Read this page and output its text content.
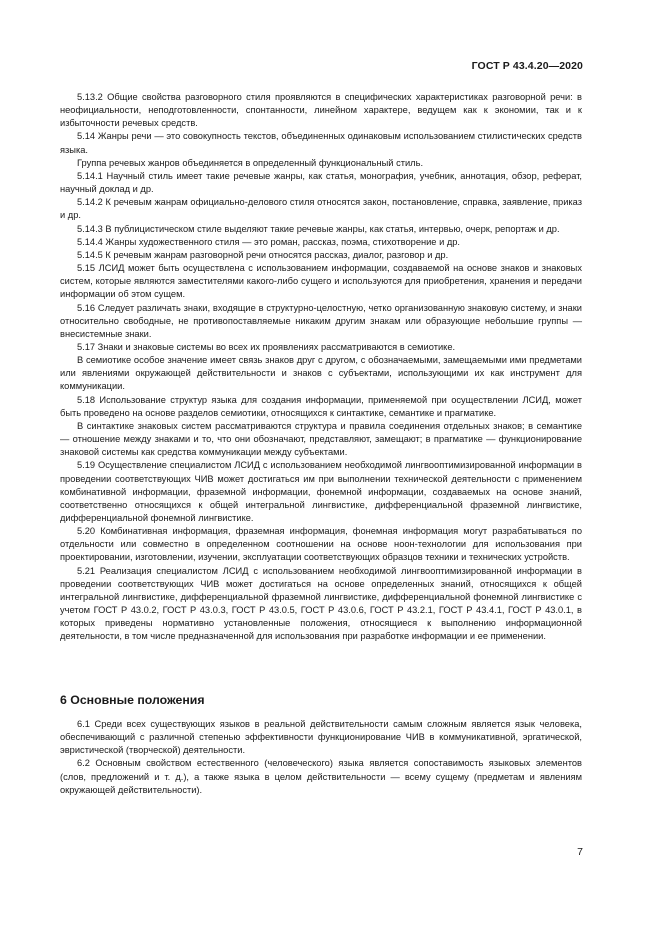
ГОСТ Р 43.4.20—2020

5.13.2 Общие свойства разговорного стиля проявляются в специфических характеристиках разговорной речи: в неофициальности, неподготовленности, спонтанности, линейном характере, ведущем как к экономии, так и к избыточности речевых средств.

5.14 Жанры речи — это совокупность текстов, объединенных одинаковым использованием стилистических средств языка.

Группа речевых жанров объединяется в определенный функциональный стиль.

5.14.1 Научный стиль имеет такие речевые жанры, как статья, монография, учебник, аннотация, обзор, реферат, научный доклад и др.

5.14.2 К речевым жанрам официально-делового стиля относятся закон, постановление, справка, заявление, приказ и др.

5.14.3 В публицистическом стиле выделяют такие речевые жанры, как статья, интервью, очерк, репортаж и др.

5.14.4 Жанры художественного стиля — это роман, рассказ, поэма, стихотворение и др.

5.14.5 К речевым жанрам разговорной речи относятся рассказ, диалог, разговор и др.

5.15 ЛСИД может быть осуществлена с использованием информации, создаваемой на основе знаков и знаковых систем, которые являются заместителями какого-либо сущего и используются для приобретения, хранения и передачи информации об этом сущем.

5.16 Следует различать знаки, входящие в структурно-целостную, четко организованную знаковую систему, и знаки относительно свободные, не противопоставляемые никаким другим знакам или образующие небольшие группы — внесистемные знаки.

5.17 Знаки и знаковые системы во всех их проявлениях рассматриваются в семиотике.

В семиотике особое значение имеет связь знаков друг с другом, с обозначаемыми, замещаемыми ими предметами или явлениями окружающей действительности и знаков с субъектами, использующими их как инструмент для коммуникации.

5.18 Использование структур языка для создания информации, применяемой при осуществлении ЛСИД, может быть проведено на основе разделов семиотики, относящихся к синтактике, семантике и прагматике.

В синтактике знаковых систем рассматриваются структура и правила соединения отдельных знаков; в семантике — отношение между знаками и то, что они обозначают, представляют, замещают; в прагматике — функционирование знаковой системы как средства коммуникации между субъектами.

5.19 Осуществление специалистом ЛСИД с использованием необходимой лингвооптимизированной информации в проведении соответствующих ЧИВ может достигаться им при выполнении технической деятельности с применением комбинативной информации, фраземной информации, фонемной информации, создаваемых на основе знаний, соответственно относящихся к общей интегральной лингвистике, дифференциальной фраземной лингвистике, дифференциальной фонемной лингвистике.

5.20 Комбинативная информация, фраземная информация, фонемная информация могут разрабатываться по отдельности или совместно в определенном соотношении на основе ноон-технологии для использования при проектировании, изготовлении, изучении, эксплуатации соответствующих образцов техники и технических устройств.

5.21 Реализация специалистом ЛСИД с использованием необходимой лингвооптимизированной информации в проведении соответствующих ЧИВ может достигаться на основе определенных знаний, относящихся к общей интегральной лингвистике, дифференциальной фраземной лингвистике, дифференциальной фонемной лингвистике с учетом ГОСТ Р 43.0.2, ГОСТ Р 43.0.3, ГОСТ Р 43.0.5, ГОСТ Р 43.0.6, ГОСТ Р 43.2.1, ГОСТ Р 43.4.1, ГОСТ Р 43.0.1, в которых приведены нормативно установленные положения, относящиеся к выполнению информационной деятельности, в том числе предназначенной для использования при разработке информации и ее применении.

6 Основные положения

6.1 Среди всех существующих языков в реальной действительности самым сложным является язык человека, обеспечивающий с различной степенью эффективности функционирование ЧИВ в коммуникативной, эргатической, эвристической (творческой) деятельности.

6.2 Основным свойством естественного (человеческого) языка является сопоставимость языковых элементов (слов, предложений и т. д.), а также языка в целом действительности — всему сущему (предметам и явлениям окружающей действительности).

7
